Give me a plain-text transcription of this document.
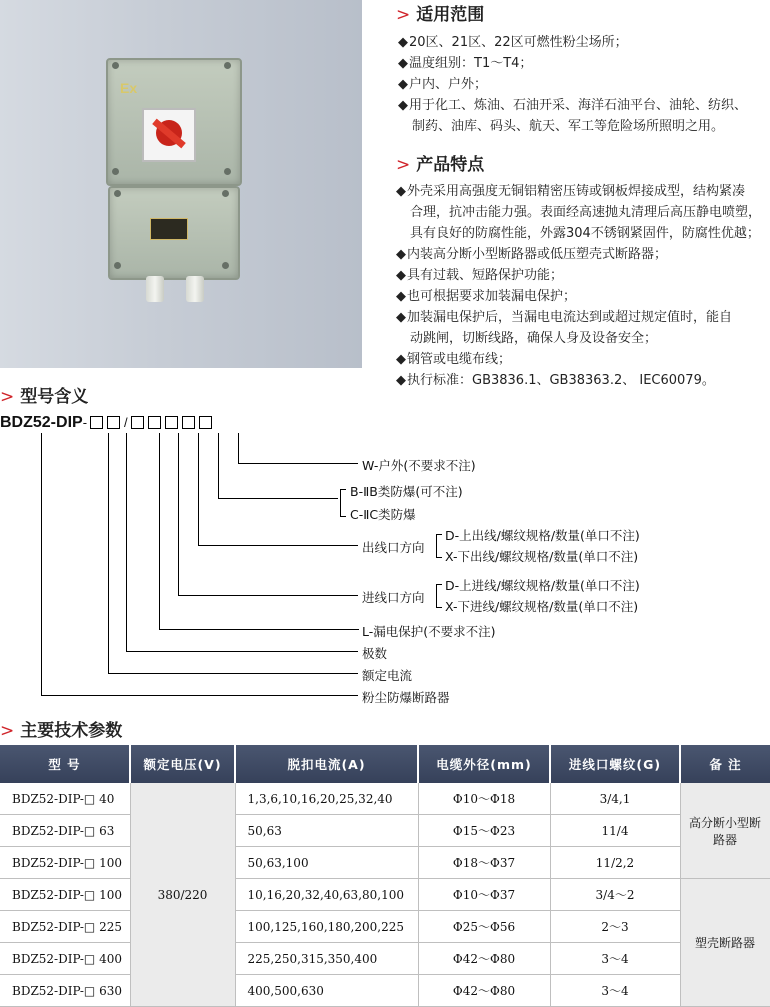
Ex
> 适用范围
◆20区、21区、22区可燃性粉尘场所；
◆温度组别：T1～T4；
◆户内、户外；
◆用于化工、炼油、石油开采、海洋石油平台、油轮、纺织、
制药、油库、码头、航天、军工等危险场所照明之用。
> 产品特点
◆外壳采用高强度无铜铝精密压铸或钢板焊接成型，结构紧凑
合理，抗冲击能力强。表面经高速抛丸清理后高压静电喷塑，
具有良好的防腐性能，外露304不锈钢紧固件，防腐性优越；
◆内装高分断小型断路器或低压塑壳式断路器；
◆具有过载、短路保护功能；
◆也可根据要求加装漏电保护；
◆加装漏电保护后，当漏电电流达到或超过规定值时，能自
动跳闸，切断线路，确保人身及设备安全；
◆钢管或电缆布线；
◆执行标准：GB3836.1、GB38363.2、 IEC60079。
> 型号含义
BDZ52-DIP-	/
W-户外(不要求不注)
B-ⅡB类防爆(可不注)
C-ⅡC类防爆
出线口方向
D-上出线/螺纹规格/数量(单口不注)
X-下出线/螺纹规格/数量(单口不注)
进线口方向
D-上进线/螺纹规格/数量(单口不注)
X-下进线/螺纹规格/数量(单口不注)
L-漏电保护(不要求不注)
极数
额定电流
粉尘防爆断路器
> 主要技术参数
型 号	额定电压(V)	脱扣电流(A)	电缆外径(mm)	进线口螺纹(G)	备 注
BDZ52-DIP-□ 40	380/220	1,3,6,10,16,20,25,32,40	Φ10～Φ18	3/4,1	高分断小型断路器
BDZ52-DIP-□ 63		50,63	Φ15～Φ23	11/4	
BDZ52-DIP-□ 100		50,63,100	Φ18～Φ37	11/2,2	
BDZ52-DIP-□ 100		10,16,20,32,40,63,80,100	Φ10～Φ37	3/4～2	塑壳断路器
BDZ52-DIP-□ 225		100,125,160,180,200,225	Φ25～Φ56	2～3	
BDZ52-DIP-□ 400		225,250,315,350,400	Φ42～Φ80	3～4	
BDZ52-DIP-□ 630		400,500,630	Φ42～Φ80	3～4	
